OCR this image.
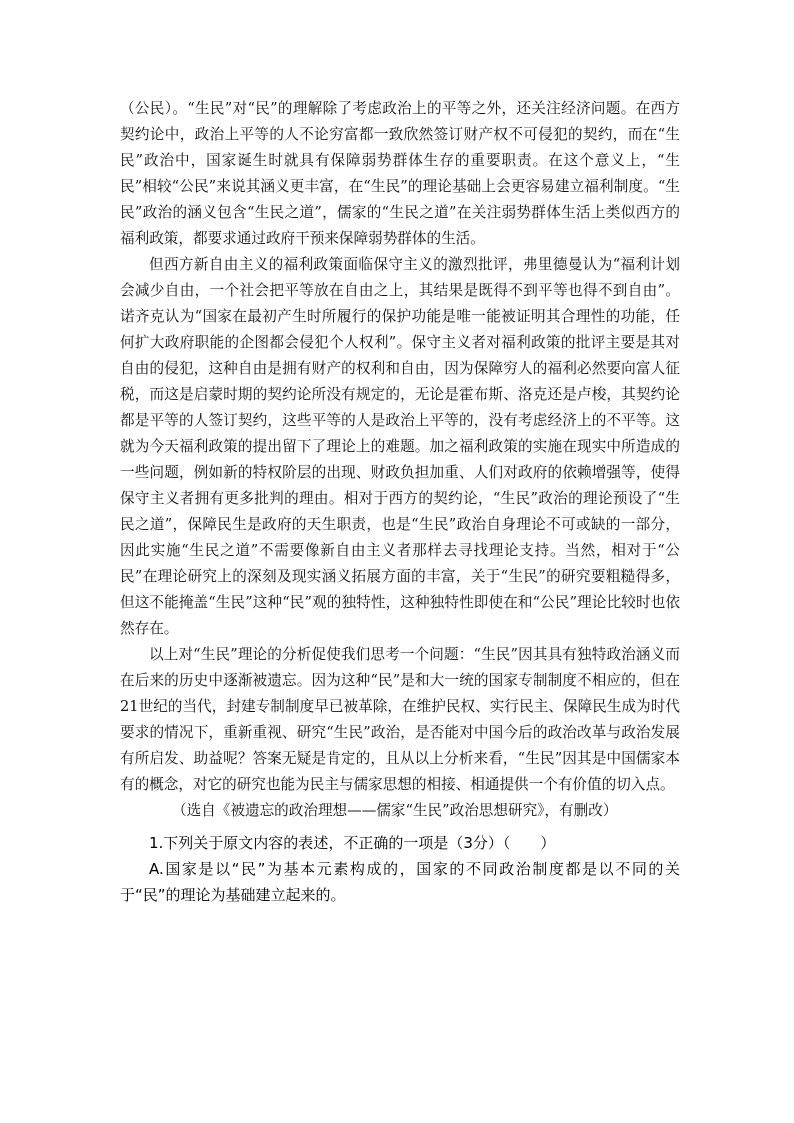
（公民）。“生民”对“民”的理解除了考虑政治上的平等之外，还关注经济问题。在西方契约论中，政治上平等的人不论穷富都一致欣然签订财产权不可侵犯的契约，而在“生民”政治中，国家诞生时就具有保障弱势群体生存的重要职责。在这个意义上，“生民”相较“公民”来说其涵义更丰富，在“生民”的理论基础上会更容易建立福利制度。“生民”政治的涵义包含“生民之道”，儒家的“生民之道”在关注弱势群体生活上类似西方的福利政策，都要求通过政府干预来保障弱势群体的生活。

但西方新自由主义的福利政策面临保守主义的激烈批评，弗里德曼认为“福利计划会减少自由，一个社会把平等放在自由之上，其结果是既得不到平等也得不到自由”。诺齐克认为“国家在最初产生时所履行的保护功能是唯一能被证明其合理性的功能，任何扩大政府职能的企图都会侵犯个人权利”。保守主义者对福利政策的批评主要是其对自由的侵犯，这种自由是拥有财产的权利和自由，因为保障穷人的福利必然要向富人征税，而这是启蒙时期的契约论所没有规定的，无论是霍布斯、洛克还是卢梭，其契约论都是平等的人签订契约，这些平等的人是政治上平等的，没有考虑经济上的不平等。这就为今天福利政策的提出留下了理论上的难题。加之福利政策的实施在现实中所造成的一些问题，例如新的特权阶层的出现、财政负担加重、人们对政府的依赖增强等，使得保守主义者拥有更多批判的理由。相对于西方的契约论，“生民”政治的理论预设了“生民之道”，保障民生是政府的天生职责，也是“生民”政治自身理论不可或缺的一部分，因此实施“生民之道”不需要像新自由主义者那样去寻找理论支持。当然，相对于“公民”在理论研究上的深刻及现实涵义拓展方面的丰富，关于“生民”的研究要粗糙得多，但这不能掩盖“生民”这种“民”观的独特性，这种独特性即使在和“公民”理论比较时也依然存在。

以上对“生民”理论的分析促使我们思考一个问题：“生民”因其具有独特政治涵义而在后来的历史中逐渐被遗忘。因为这种“民”是和大一统的国家专制制度不相应的，但在21世纪的当代，封建专制制度早已被革除，在维护民权、实行民主、保障民生成为时代要求的情况下，重新重视、研究“生民”政治，是否能对中国今后的政治改革与政治发展有所启发、助益呢？答案无疑是肯定的，且从以上分析来看，“生民”因其是中国儒家本有的概念，对它的研究也能为民主与儒家思想的相接、相通提供一个有价值的切入点。

（选自《被遗忘的政治理想——儒家“生民”政治思想研究》，有删改）

1.下列关于原文内容的表述，不正确的一项是（3分）（　　）

A.国家是以“民”为基本元素构成的，国家的不同政治制度都是以不同的关于“民”的理论为基础建立起来的。
